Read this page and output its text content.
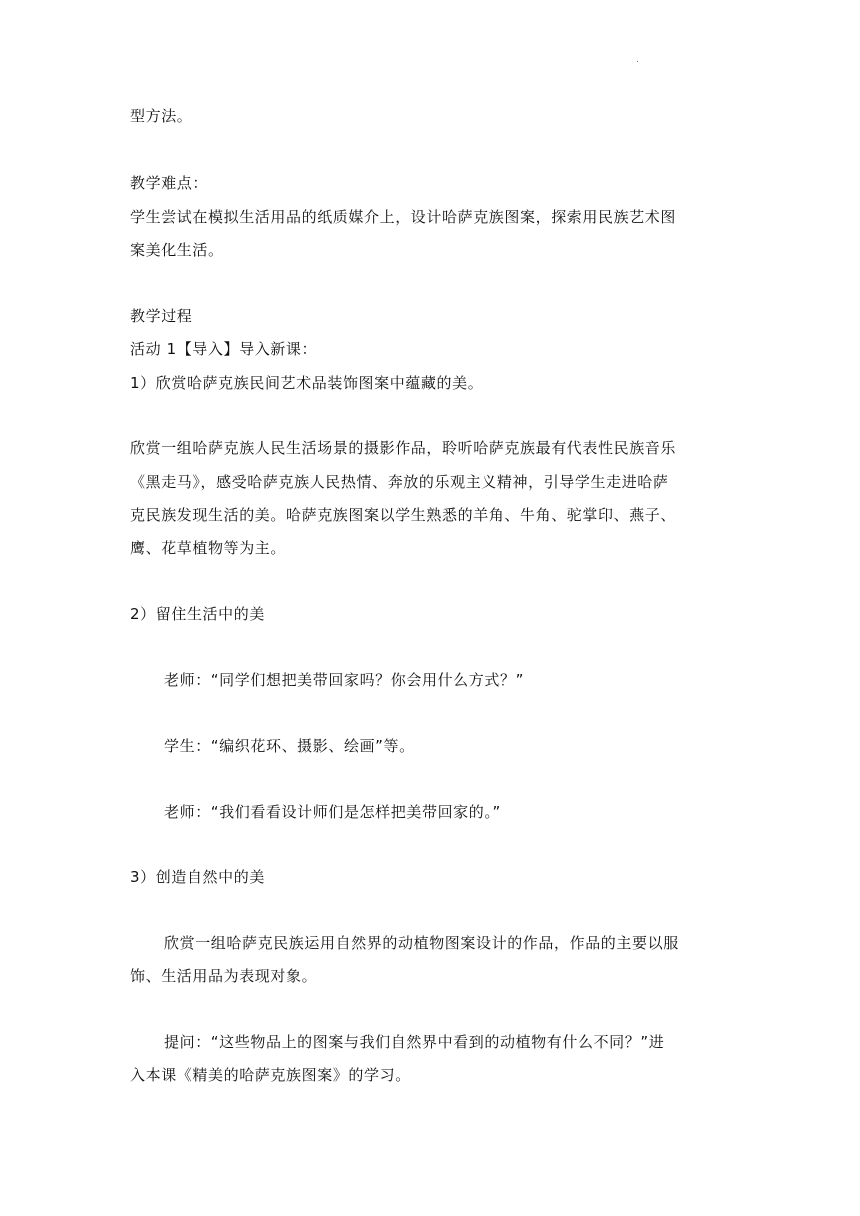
.
型方法。
教学难点：
学生尝试在模拟生活用品的纸质媒介上，设计哈萨克族图案，探索用民族艺术图
案美化生活。
教学过程
活动 1【导入】导入新课：
1）欣赏哈萨克族民间艺术品装饰图案中蕴藏的美。
欣赏一组哈萨克族人民生活场景的摄影作品，聆听哈萨克族最有代表性民族音乐
《黑走马》，感受哈萨克族人民热情、奔放的乐观主义精神，引导学生走进哈萨
克民族发现生活的美。哈萨克族图案以学生熟悉的羊角、牛角、驼掌印、燕子、
鹰、花草植物等为主。
2）留住生活中的美
老师：“同学们想把美带回家吗？你会用什么方式？”
学生：“编织花环、摄影、绘画”等。
老师：“我们看看设计师们是怎样把美带回家的。”
3）创造自然中的美
欣赏一组哈萨克民族运用自然界的动植物图案设计的作品，作品的主要以服
饰、生活用品为表现对象。
提问：“这些物品上的图案与我们自然界中看到的动植物有什么不同？”进
入本课《精美的哈萨克族图案》的学习。
